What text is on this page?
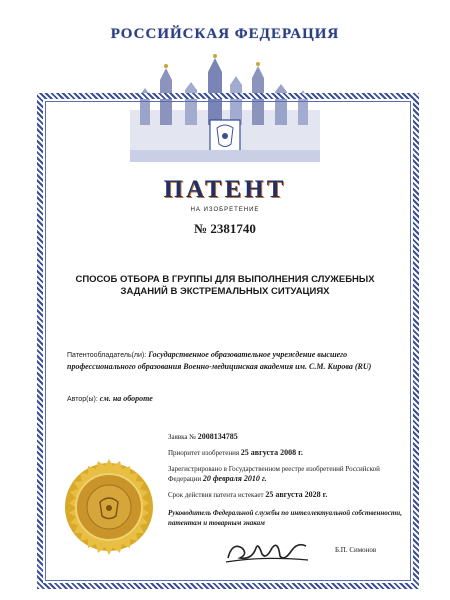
РОССИЙСКАЯ ФЕДЕРАЦИЯ
ПАТЕНТ
НА ИЗОБРЕТЕНИЕ
№ 2381740
СПОСОБ ОТБОРА В ГРУППЫ ДЛЯ ВЫПОЛНЕНИЯ СЛУЖЕБНЫХ ЗАДАНИЙ В ЭКСТРЕМАЛЬНЫХ СИТУАЦИЯХ
Патентообладатель(ли): Государственное образовательное учреждение высшего профессионального образования Военно-медицинская академия им. С.М. Кирова (RU)
Автор(ы): см. на обороте
Заявка № 2008134785
Приоритет изобретения 25 августа 2008 г.
Зарегистрировано в Государственном реестре изобретений Российской Федерации 20 февраля 2010 г.
Срок действия патента истекает 25 августа 2028 г.
Руководитель Федеральной службы по интеллектуальной собственности, патентам и товарным знакам
Б.П. Симонов
